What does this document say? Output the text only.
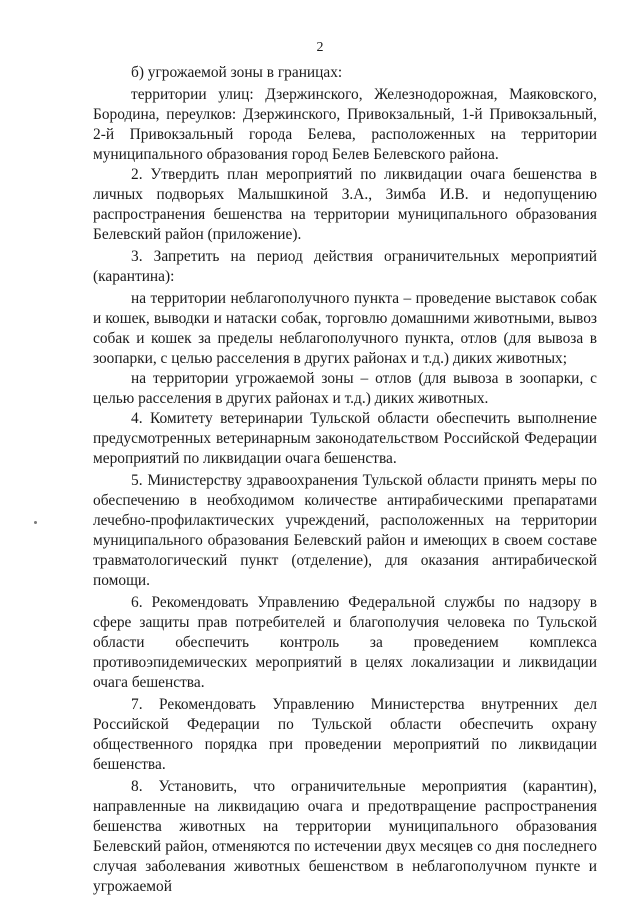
2

б) угрожаемой зоны в границах:

территории улиц: Дзержинского, Железнодорожная, Маяковского, Бородина, переулков: Дзержинского, Привокзальный, 1-й Привокзальный, 2-й Привокзальный города Белева, расположенных на территории муниципального образования город Белев Белевского района.

2. Утвердить план мероприятий по ликвидации очага бешенства в личных подворьях Малышкиной З.А., Зимба И.В. и недопущению распространения бешенства на территории муниципального образования Белевский район (приложение).

3. Запретить на период действия ограничительных мероприятий (карантина):

на территории неблагополучного пункта – проведение выставок собак и кошек, выводки и натаски собак, торговлю домашними животными, вывоз собак и кошек за пределы неблагополучного пункта, отлов (для вывоза в зоопарки, с целью расселения в других районах и т.д.) диких животных;

на территории угрожаемой зоны – отлов (для вывоза в зоопарки, с целью расселения в других районах и т.д.) диких животных.

4. Комитету ветеринарии Тульской области обеспечить выполнение предусмотренных ветеринарным законодательством Российской Федерации мероприятий по ликвидации очага бешенства.

5. Министерству здравоохранения Тульской области принять меры по обеспечению в необходимом количестве антирабическими препаратами лечебно-профилактических учреждений, расположенных на территории муниципального образования Белевский район и имеющих в своем составе травматологический пункт (отделение), для оказания антирабической помощи.

6. Рекомендовать Управлению Федеральной службы по надзору в сфере защиты прав потребителей и благополучия человека по Тульской области обеспечить контроль за проведением комплекса противоэпидемических мероприятий в целях локализации и ликвидации очага бешенства.

7. Рекомендовать Управлению Министерства внутренних дел Российской Федерации по Тульской области обеспечить охрану общественного порядка при проведении мероприятий по ликвидации бешенства.

8. Установить, что ограничительные мероприятия (карантин), направленные на ликвидацию очага и предотвращение распространения бешенства животных на территории муниципального образования Белевский район, отменяются по истечении двух месяцев со дня последнего случая заболевания животных бешенством в неблагополучном пункте и угрожаемой
